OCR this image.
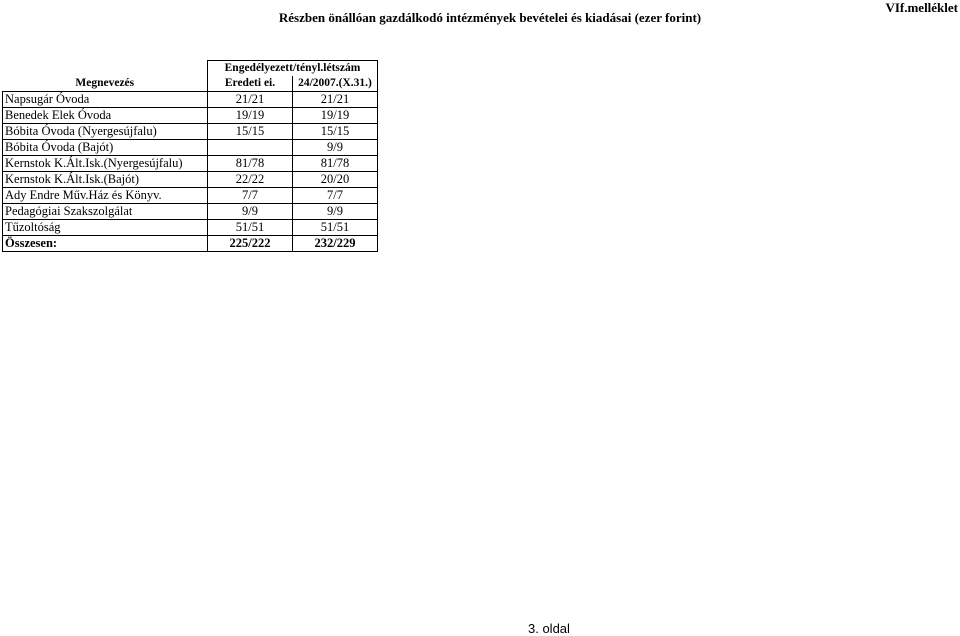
Részben önállóan gazdálkodó intézmények bevételei és kiadásai (ezer forint)
VIf.melléklet
	Engedélyezett/tényl.létszám	
Megnevezés	Eredeti ei.	24/2007.(X.31.)
Napsugár Óvoda	21/21	21/21
Benedek Elek Óvoda	19/19	19/19
Bóbita Óvoda (Nyergesújfalu)	15/15	15/15
Bóbita Óvoda (Bajót)		9/9
Kernstok K.Ált.Isk.(Nyergesújfalu)	81/78	81/78
Kernstok K.Ált.Isk.(Bajót)	22/22	20/20
Ady Endre Műv.Ház és Könyv.	7/7	7/7
Pedagógiai Szakszolgálat	9/9	9/9
Tűzoltóság	51/51	51/51
Összesen:	225/222	232/229
3. oldal
